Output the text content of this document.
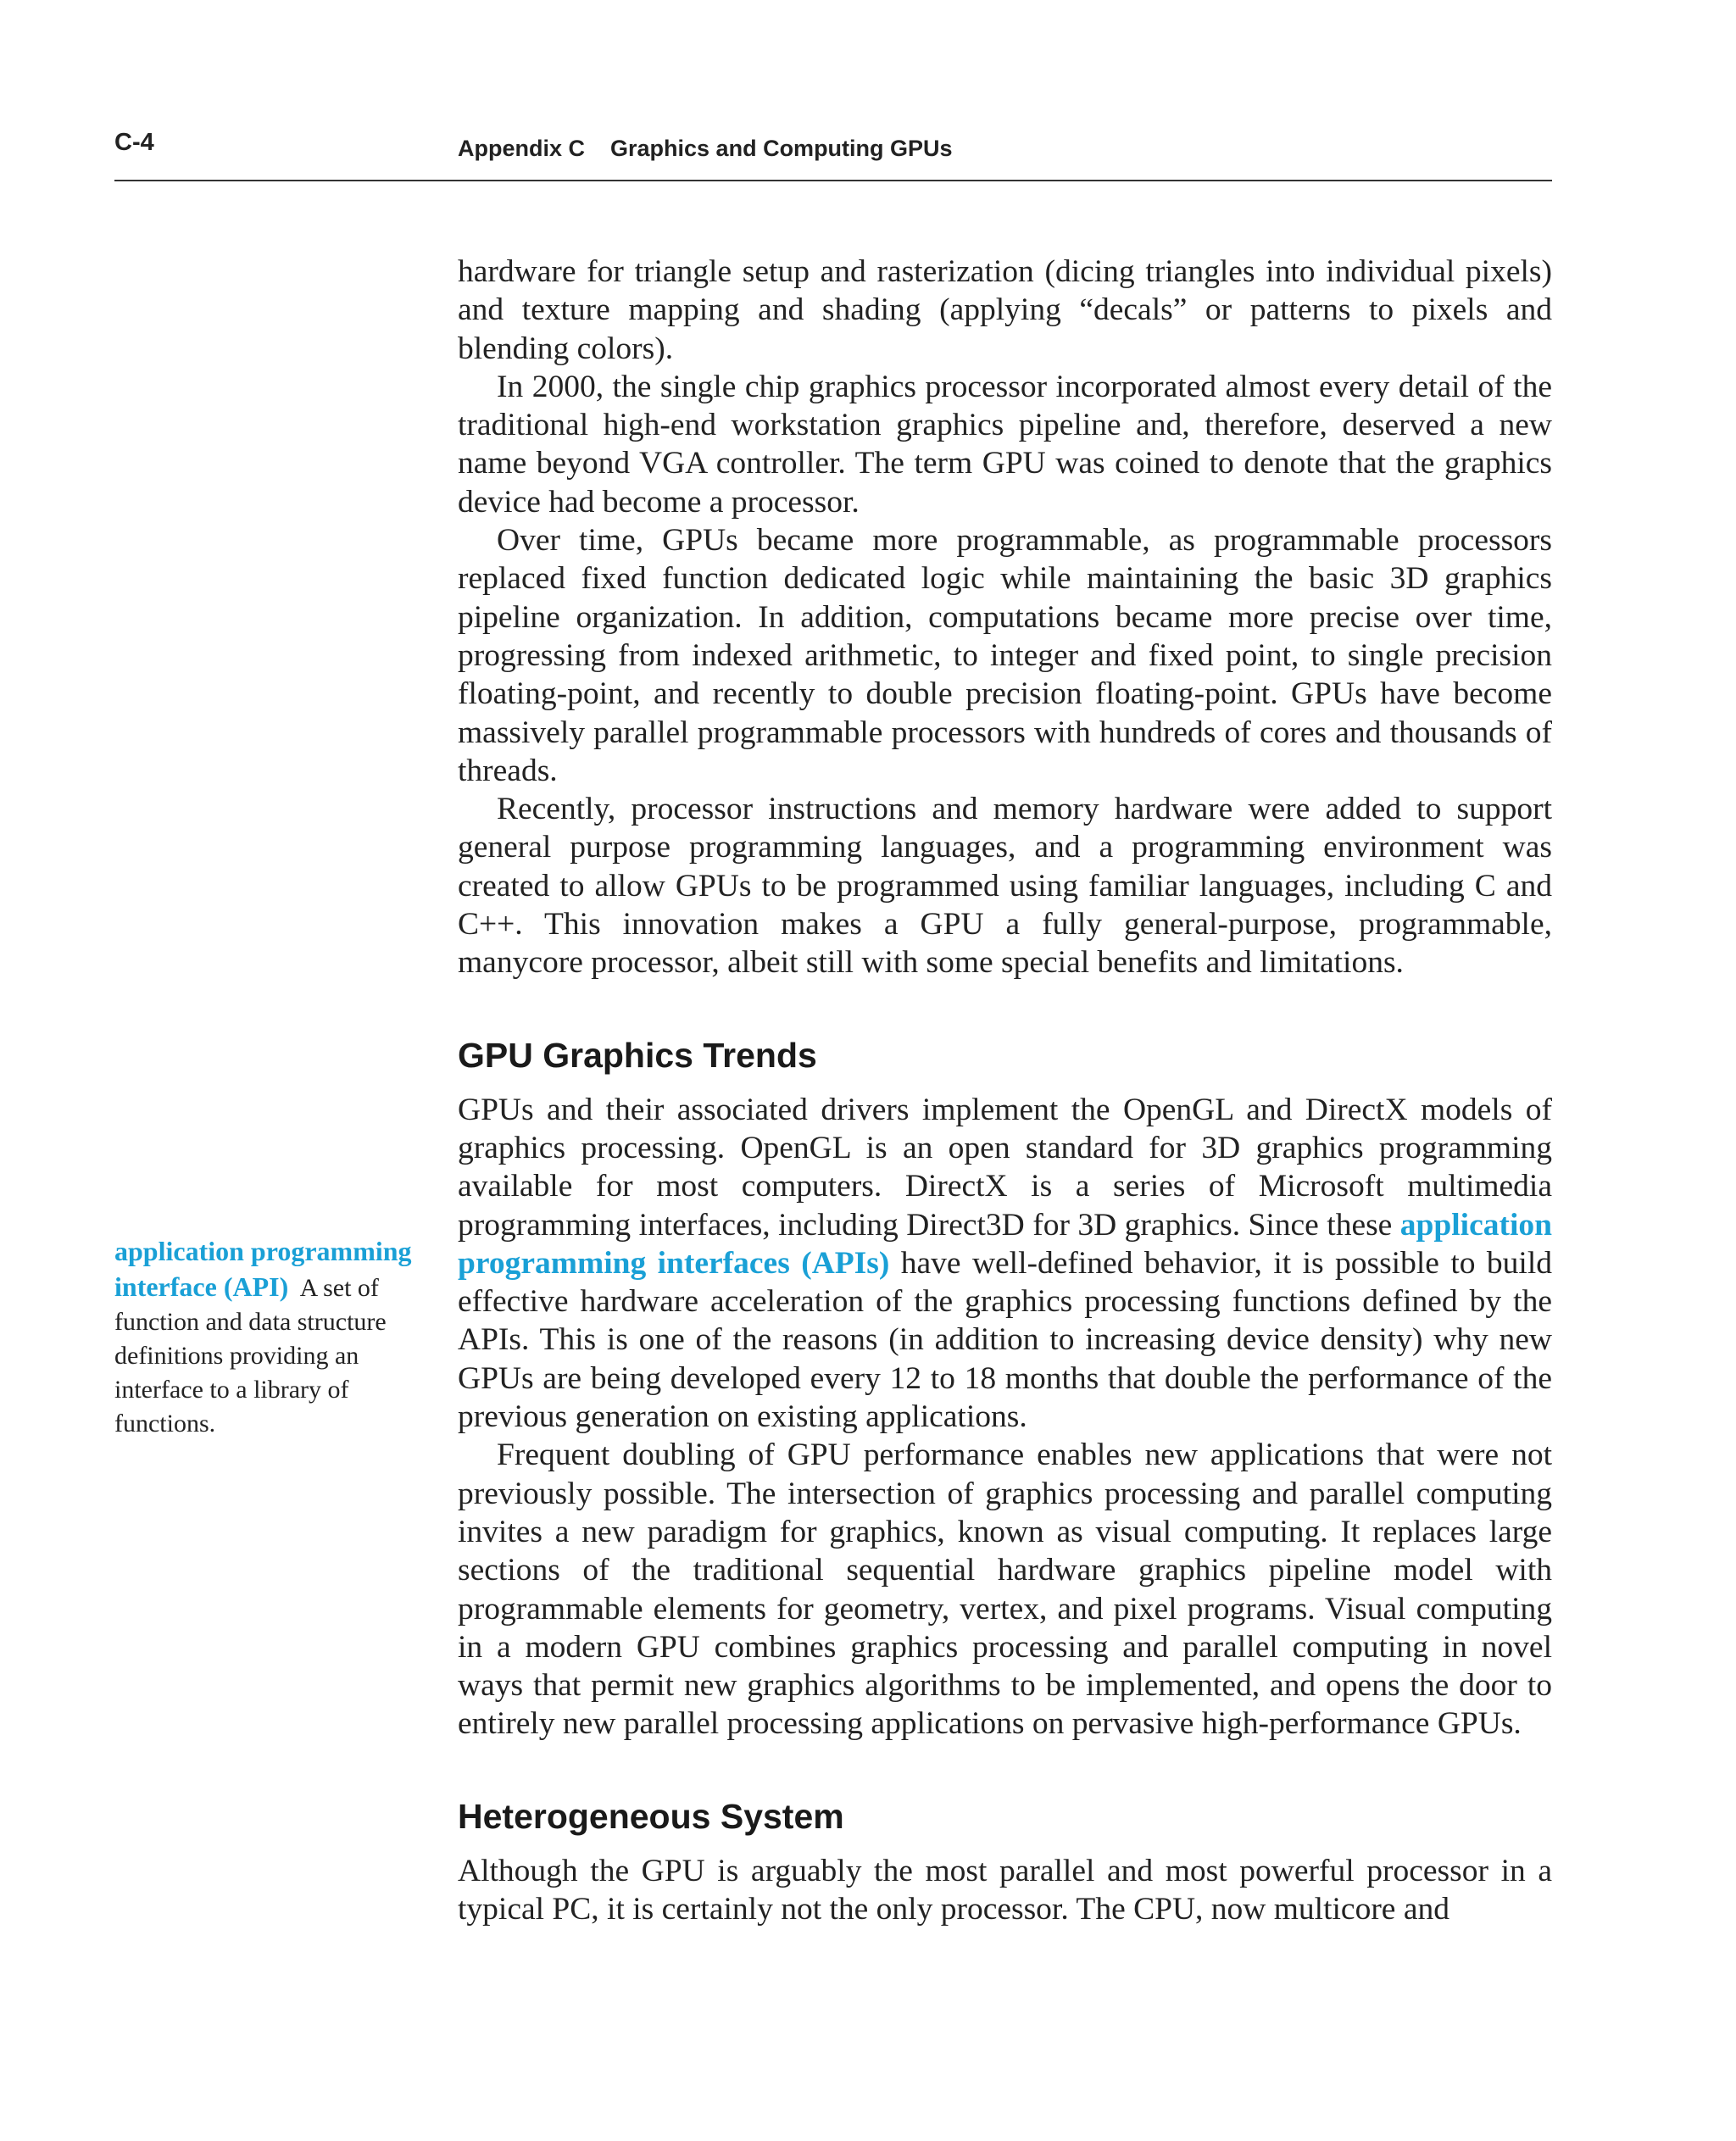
C-4	Appendix C Graphics and Computing GPUs
application programming interface (API) A set of function and data structure definitions providing an interface to a library of functions.

hardware for triangle setup and rasterization (dicing triangles into individual pixels) and texture mapping and shading (applying “decals” or patterns to pixels and blending colors).

In 2000, the single chip graphics processor incorporated almost every detail of the traditional high-end workstation graphics pipeline and, therefore, deserved a new name beyond VGA controller. The term GPU was coined to denote that the graphics device had become a processor.

Over time, GPUs became more programmable, as programmable processors replaced fixed function dedicated logic while maintaining the basic 3D graphics pipeline organization. In addition, computations became more precise over time, progressing from indexed arithmetic, to integer and fixed point, to single precision floating-point, and recently to double precision floating-point. GPUs have become massively parallel programmable processors with hundreds of cores and thousands of threads.

Recently, processor instructions and memory hardware were added to support general purpose programming languages, and a programming environment was created to allow GPUs to be programmed using familiar languages, including C and C++. This innovation makes a GPU a fully general-purpose, programmable, manycore processor, albeit still with some special benefits and limitations.

GPU Graphics Trends

GPUs and their associated drivers implement the OpenGL and DirectX models of graphics processing. OpenGL is an open standard for 3D graphics programming available for most computers. DirectX is a series of Microsoft multimedia programming interfaces, including Direct3D for 3D graphics. Since these application programming interfaces (APIs) have well-defined behavior, it is possible to build effective hardware acceleration of the graphics processing functions defined by the APIs. This is one of the reasons (in addition to increasing device density) why new GPUs are being developed every 12 to 18 months that double the performance of the previous generation on existing applications.

Frequent doubling of GPU performance enables new applications that were not previously possible. The intersection of graphics processing and parallel computing invites a new paradigm for graphics, known as visual computing. It replaces large sections of the traditional sequential hardware graphics pipeline model with programmable elements for geometry, vertex, and pixel programs. Visual computing in a modern GPU combines graphics processing and parallel computing in novel ways that permit new graphics algorithms to be implemented, and opens the door to entirely new parallel processing applications on pervasive high-performance GPUs.

Heterogeneous System

Although the GPU is arguably the most parallel and most powerful processor in a typical PC, it is certainly not the only processor. The CPU, now multicore and
